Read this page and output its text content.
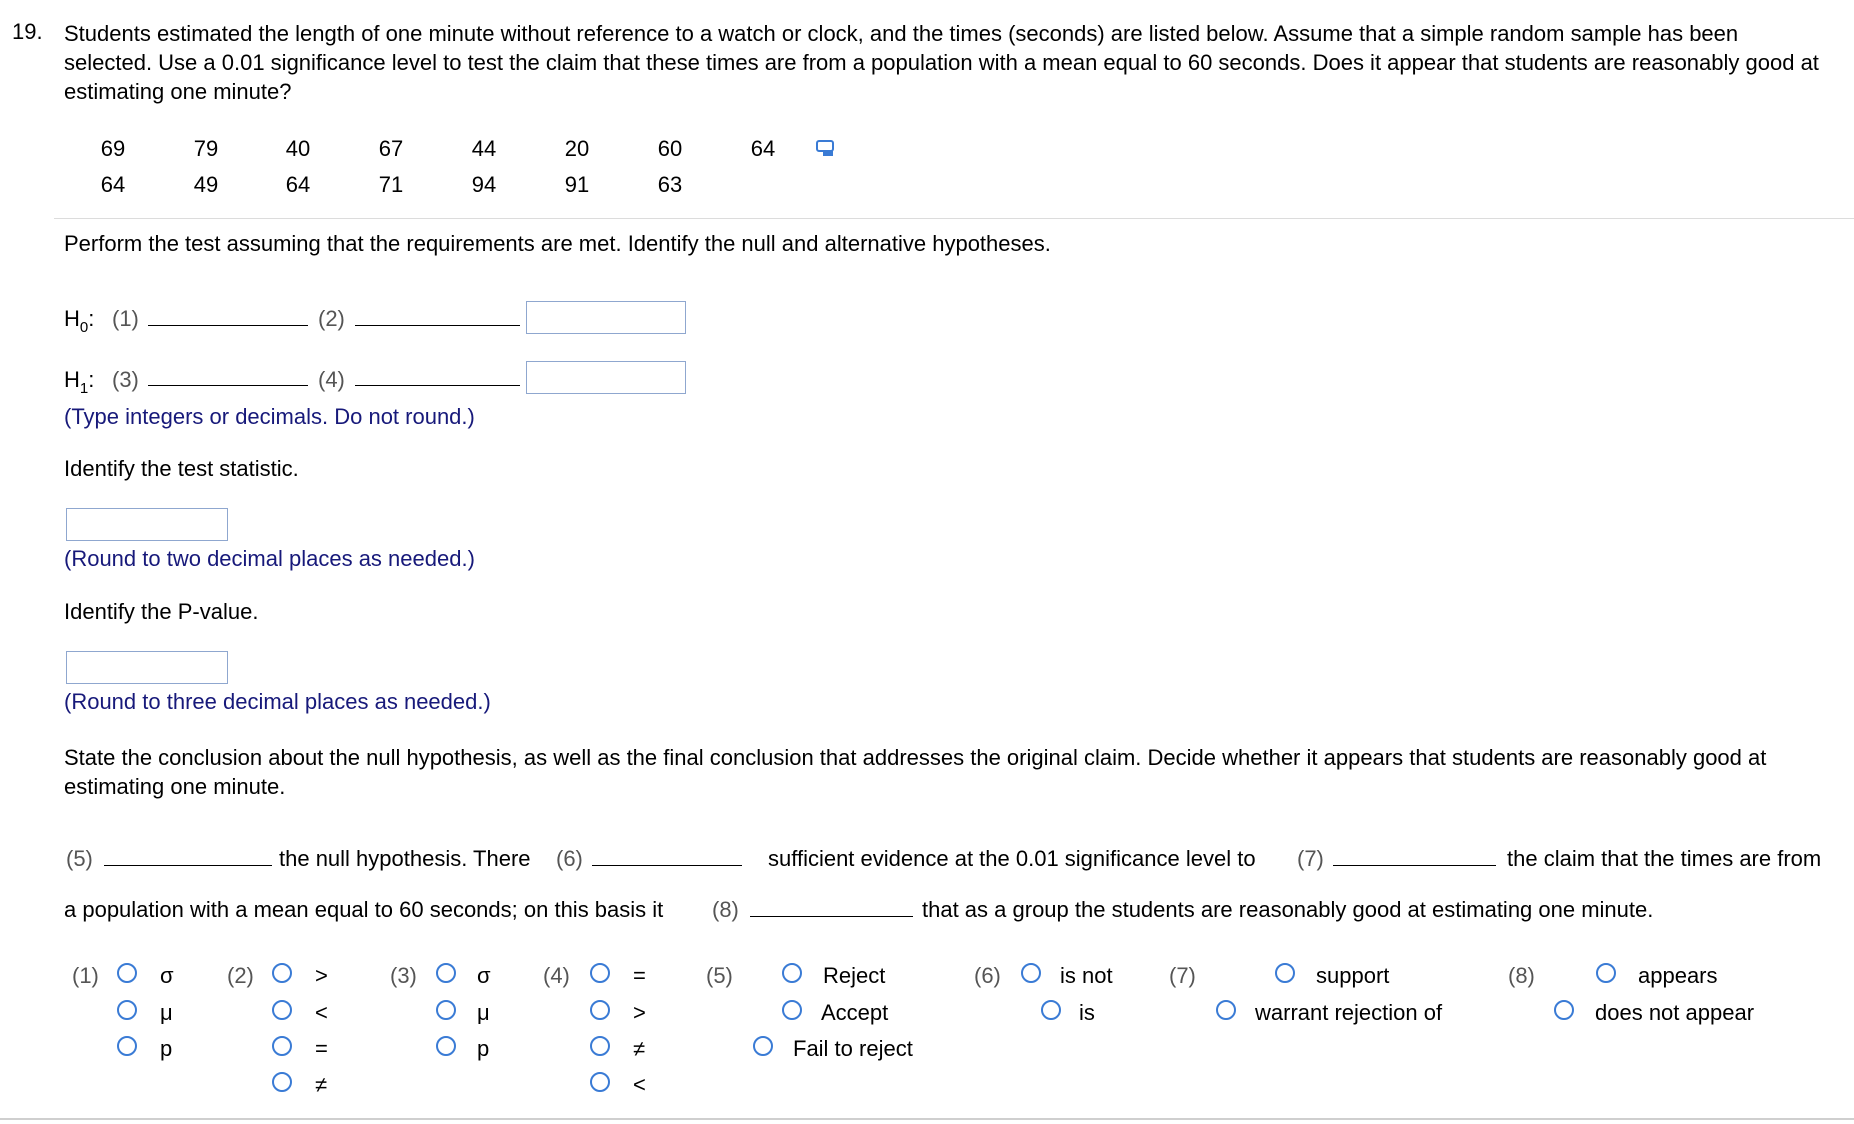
19. Students estimated the length of one minute without reference to a watch or clock, and the times (seconds) are listed below. Assume that a simple random sample has been selected. Use a 0.01 significance level to test the claim that these times are from a population with a mean equal to 60 seconds. Does it appear that students are reasonably good at estimating one minute?
69	79	40	67	44	20	60	64
64	49	64	71	94	91	63
Perform the test assuming that the requirements are met. Identify the null and alternative hypotheses.
$H_0$: (1)	(2)
$H_1$: (3)	(4)
(Type integers or decimals. Do not round.)
Identify the test statistic.
(Round to two decimal places as needed.)
Identify the P-value.
(Round to three decimal places as needed.)
State the conclusion about the null hypothesis, as well as the final conclusion that addresses the original claim. Decide whether it appears that students are reasonably good at estimating one minute.
(5)	the null hypothesis. There (6)	sufficient evidence at the 0.01 significance level to (7)	the claim that the times are from
a population with a mean equal to 60 seconds; on this basis it (8)	that as a group the students are reasonably good at estimating one minute.
(1)	σ
μ
p
(2)	>
<
=
≠
(3)	σ
μ
p
(4)	=
>
≠
<
(5)	Reject
Accept
Fail to reject
(6)	is not
is
(7)	support
warrant rejection of
(8)	appears
does not appear
